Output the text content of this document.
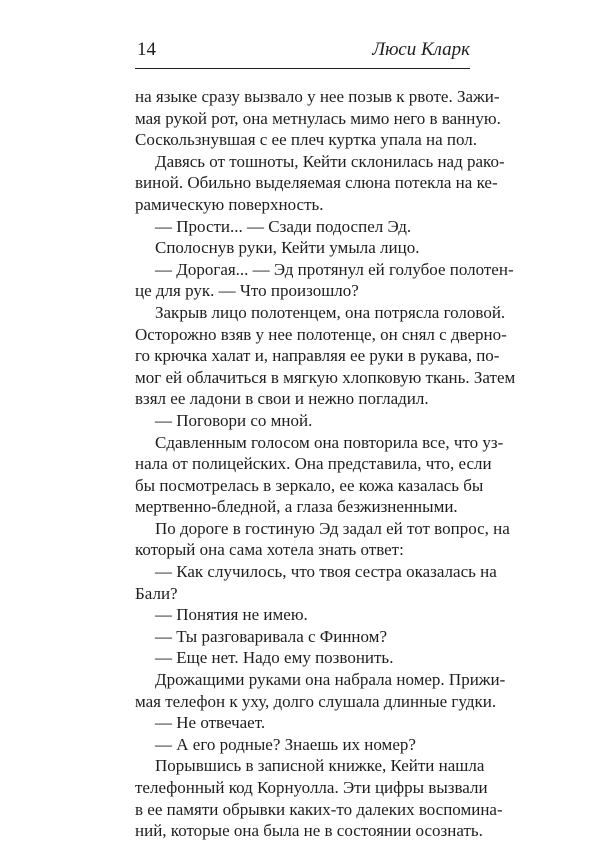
14	Люси Кларк

на языке сразу вызвало у нее позыв к рвоте. Зажи-
мая рукой рот, она метнулась мимо него в ванную.
Соскользнувшая с ее плеч куртка упала на пол.

Давясь от тошноты, Кейти склонилась над рако-
виной. Обильно выделяемая слюна потекла на ке-
рамическую поверхность.

— Прости... — Сзади подоспел Эд.

Сполоснув руки, Кейти умыла лицо.

— Дорогая... — Эд протянул ей голубое полотен-
це для рук. — Что произошло?

Закрыв лицо полотенцем, она потрясла головой.
Осторожно взяв у нее полотенце, он снял с дверно-
го крючка халат и, направляя ее руки в рукава, по-
мог ей облачиться в мягкую хлопковую ткань. Затем
взял ее ладони в свои и нежно погладил.

— Поговори со мной.

Сдавленным голосом она повторила все, что уз-
нала от полицейских. Она представила, что, если
бы посмотрелась в зеркало, ее кожа казалась бы
мертвенно-бледной, а глаза безжизненными.

По дороге в гостиную Эд задал ей тот вопрос, на
который она сама хотела знать ответ:

— Как случилось, что твоя сестра оказалась на
Бали?

— Понятия не имею.

— Ты разговаривала с Финном?

— Еще нет. Надо ему позвонить.

Дрожащими руками она набрала номер. Прижи-
мая телефон к уху, долго слушала длинные гудки.

— Не отвечает.

— А его родные? Знаешь их номер?

Порывшись в записной книжке, Кейти нашла
телефонный код Корнуолла. Эти цифры вызвали
в ее памяти обрывки каких-то далеких воспомина-
ний, которые она была не в состоянии осознать.
